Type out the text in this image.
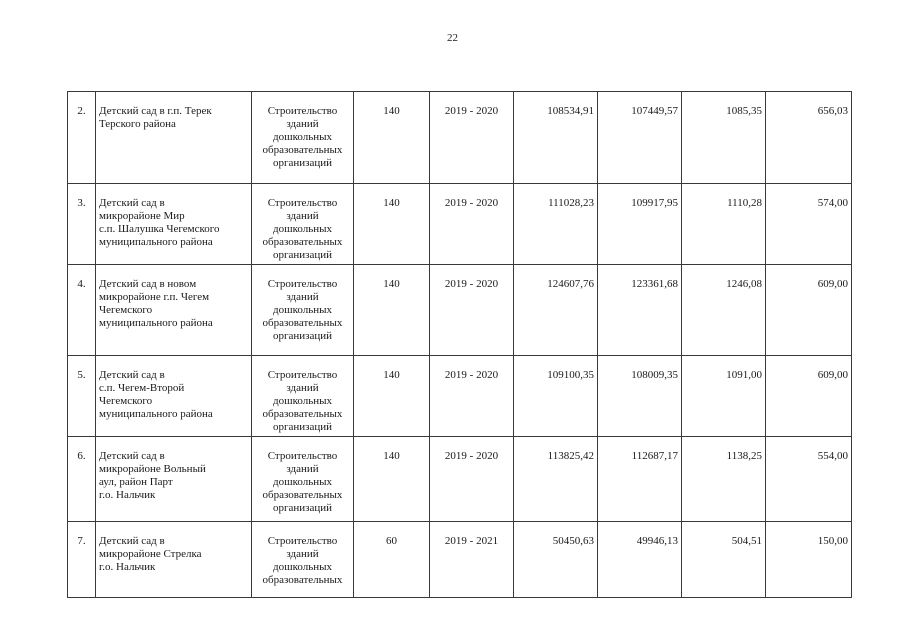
22
2.	Детский сад в г.п. Терек
Терского района	Строительство
зданий
дошкольных
образовательных
организаций	140	2019 - 2020	108534,91	107449,57	1085,35	656,03
3.	Детский сад в
микрорайоне Мир
с.п. Шалушка Чегемского
муниципального района	Строительство
зданий
дошкольных
образовательных
организаций	140	2019 - 2020	111028,23	109917,95	1110,28	574,00
4.	Детский сад в новом
микрорайоне г.п. Чегем
Чегемского
муниципального района	Строительство
зданий
дошкольных
образовательных
организаций	140	2019 - 2020	124607,76	123361,68	1246,08	609,00
5.	Детский сад в
с.п. Чегем-Второй
Чегемского
муниципального района	Строительство
зданий
дошкольных
образовательных
организаций	140	2019 - 2020	109100,35	108009,35	1091,00	609,00
6.	Детский сад в
микрорайоне Вольный
аул, район Парт
г.о. Нальчик	Строительство
зданий
дошкольных
образовательных
организаций	140	2019 - 2020	113825,42	112687,17	1138,25	554,00
7.	Детский сад в
микрорайоне Стрелка
г.о. Нальчик	Строительство
зданий
дошкольных
образовательных	60	2019 - 2021	50450,63	49946,13	504,51	150,00
